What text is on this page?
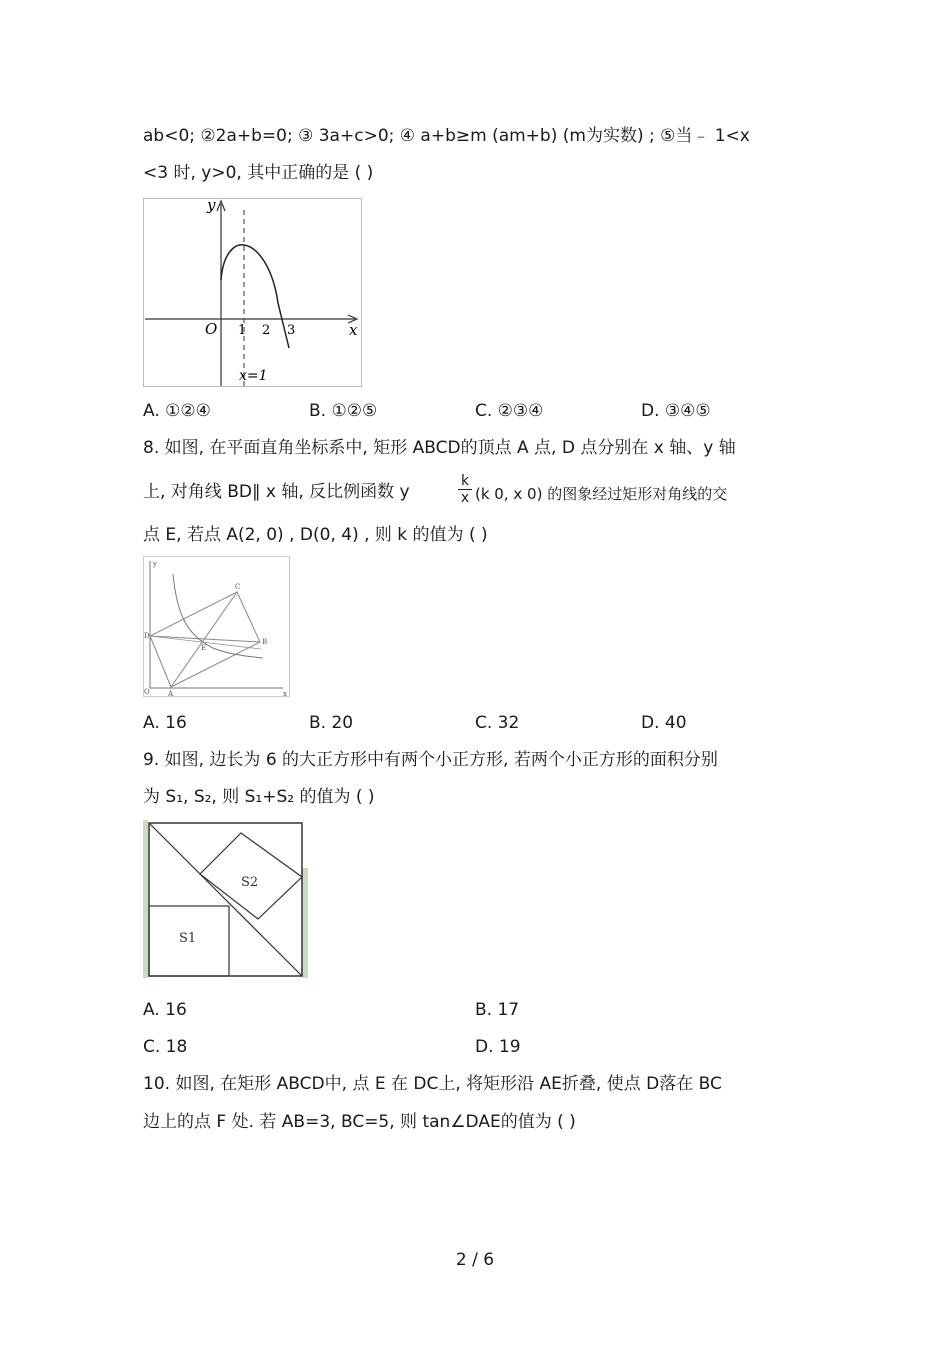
ab<0; ②2a+b=0; ③ 3a+c>0; ④ a+b≥m (am+b) (m为实数) ; ⑤当﹣ 1<x
<3 时, y>0, 其中正确的是 ( )
y
x
O 1 2 3
x=1
A. ①②④	B. ①②⑤	C. ②③④	D. ③④⑤
8. 如图, 在平面直角坐标系中, 矩形 ABCD的顶点 A 点, D 点分别在 x 轴、y 轴
上, 对角线 BD∥ x 轴, 反比例函数 y
k
x (k 0, x 0) 的图象经过矩形对角线的交
点 E, 若点 A(2, 0) , D(0, 4) , 则 k 的值为 ( )
y
x
O	A
B
C
D
E
A. 16	B. 20	C. 32	D. 40
9. 如图, 边长为 6 的大正方形中有两个小正方形, 若两个小正方形的面积分别
为 S₁, S₂, 则 S₁+S₂ 的值为 ( )
S1
S2
A. 16	B. 17
C. 18	D. 19
10. 如图, 在矩形 ABCD中, 点 E 在 DC上, 将矩形沿 AE折叠, 使点 D落在 BC
边上的点 F 处. 若 AB=3, BC=5, 则 tan∠DAE的值为 ( )
2 / 6
